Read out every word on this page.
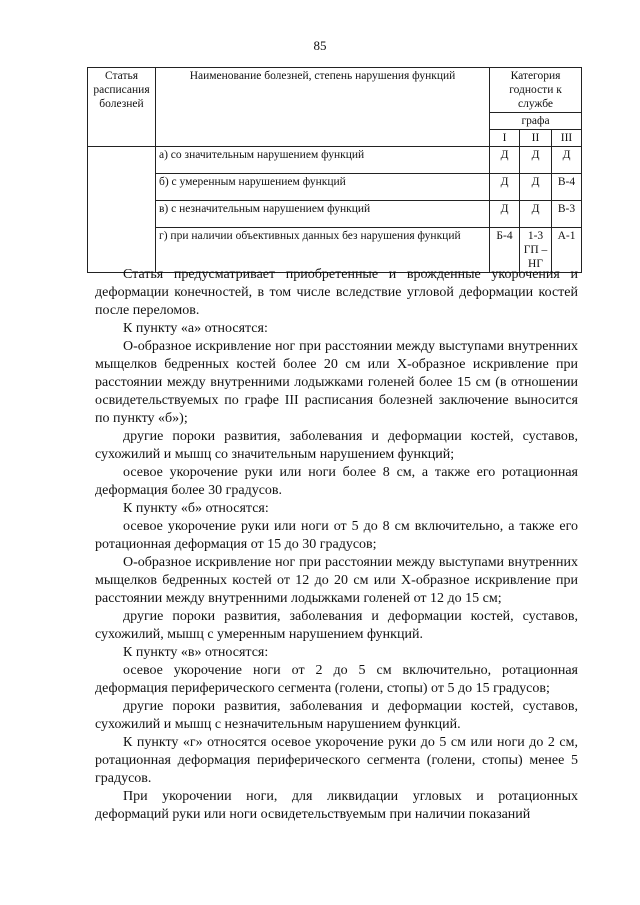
85
Статья расписания болезней	Наименование болезней, степень нарушения функций	Категория годности к службе		
		графа		
		I	II	III
	а) со значительным нарушением функций	Д	Д	Д
	б) с умеренным нарушением функций	Д	Д	В-4
	в) с незначительным нарушением функций	Д	Д	В-3
	г) при наличии объективных данных без нарушения функций	Б-4	1-3 ГП – НГ	А-1

Статья предусматривает приобретенные и врожденные укорочения и деформации конечностей, в том числе вследствие угловой деформации костей после переломов.

К пункту «а» относятся:

О-образное искривление ног при расстоянии между выступами внутренних мыщелков бедренных костей более 20 см или Х-образное искривление при расстоянии между внутренними лодыжками голеней более 15 см (в отношении освидетельствуемых по графе III расписания болезней заключение выносится по пункту «б»);

другие пороки развития, заболевания и деформации костей, суставов, сухожилий и мышц со значительным нарушением функций;

осевое укорочение руки или ноги более 8 см, а также его ротационная деформация более 30 градусов.

К пункту «б» относятся:

осевое укорочение руки или ноги от 5 до 8 см включительно, а также его ротационная деформация от 15 до 30 градусов;

О-образное искривление ног при расстоянии между выступами внутренних мыщелков бедренных костей от 12 до 20 см или Х-образное искривление при расстоянии между внутренними лодыжками голеней от 12 до 15 см;

другие пороки развития, заболевания и деформации костей, суставов, сухожилий, мышц с умеренным нарушением функций.

К пункту «в» относятся:

осевое укорочение ноги от 2 до 5 см включительно, ротационная деформация периферического сегмента (голени, стопы) от 5 до 15 градусов;

другие пороки развития, заболевания и деформации костей, суставов, сухожилий и мышц с незначительным нарушением функций.

К пункту «г» относятся осевое укорочение руки до 5 см или ноги до 2 см, ротационная деформация периферического сегмента (голени, стопы) менее 5 градусов.

При укорочении ноги, для ликвидации угловых и ротационных деформаций руки или ноги освидетельствуемым при наличии показаний
